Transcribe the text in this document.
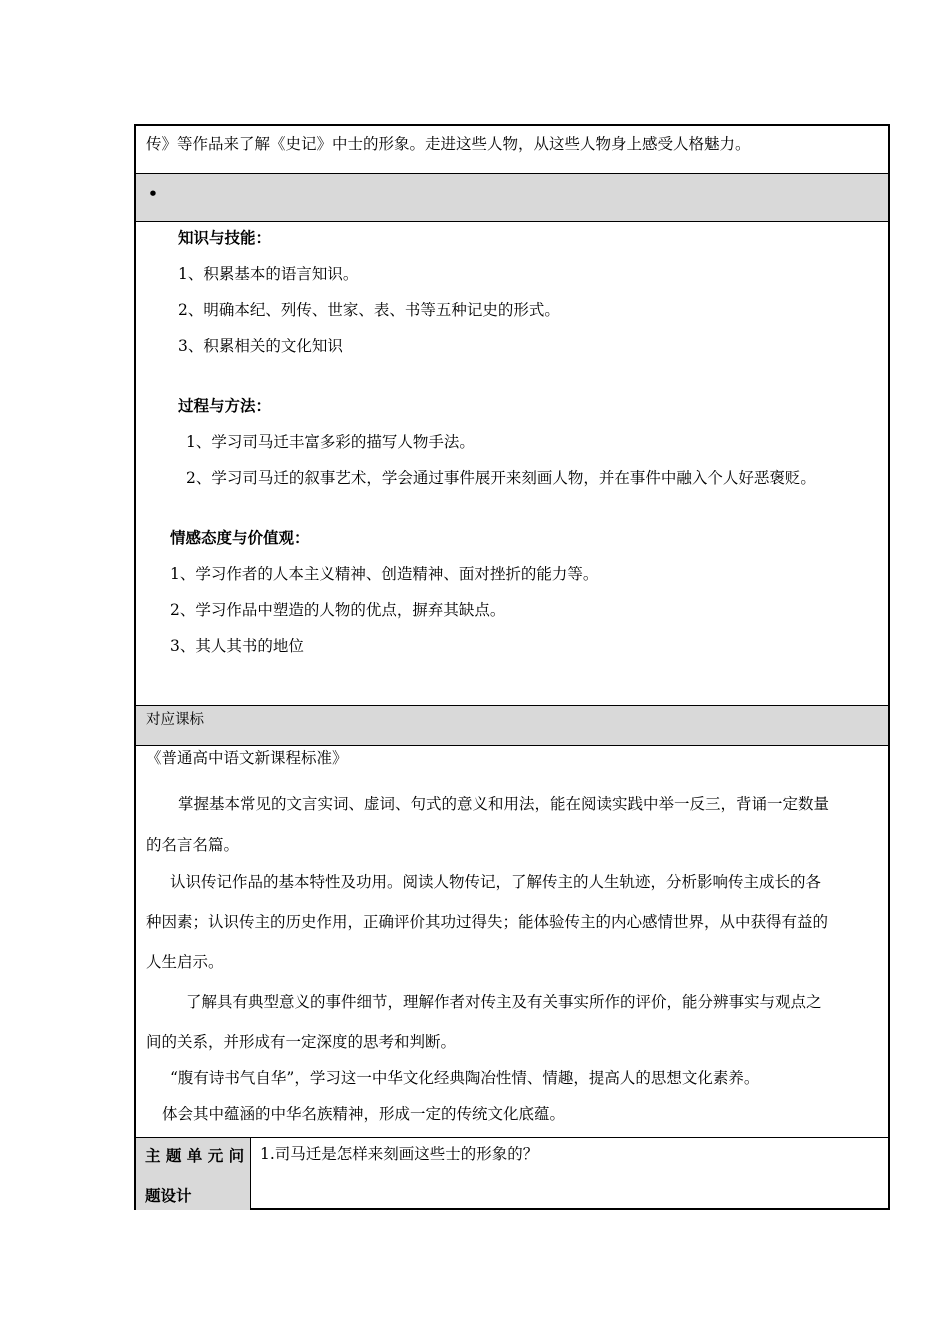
传》等作品来了解《史记》中士的形象。走进这些人物，从这些人物身上感受人格魅力。
•
知识与技能：
1、积累基本的语言知识。
2、明确本纪、列传、世家、表、书等五种记史的形式。
3、积累相关的文化知识
过程与方法：
1、学习司马迁丰富多彩的描写人物手法。
2、学习司马迁的叙事艺术，学会通过事件展开来刻画人物，并在事件中融入个人好恶褒贬。
情感态度与价值观：
1、学习作者的人本主义精神、创造精神、面对挫折的能力等。
2、学习作品中塑造的人物的优点，摒弃其缺点。
3、其人其书的地位
对应课标
《普通高中语文新课程标准》
掌握基本常见的文言实词、虚词、句式的意义和用法，能在阅读实践中举一反三，背诵一定数量
的名言名篇。
认识传记作品的基本特性及功用。阅读人物传记，了解传主的人生轨迹，分析影响传主成长的各
种因素；认识传主的历史作用，正确评价其功过得失；能体验传主的内心感情世界，从中获得有益的
人生启示。
了解具有典型意义的事件细节，理解作者对传主及有关事实所作的评价，能分辨事实与观点之
间的关系，并形成有一定深度的思考和判断。
“腹有诗书气自华”，学习这一中华文化经典陶冶性情、情趣，提高人的思想文化素养。
体会其中蕴涵的中华名族精神，形成一定的传统文化底蕴。
主 题 单 元 问
题设计
1.司马迁是怎样来刻画这些士的形象的？
